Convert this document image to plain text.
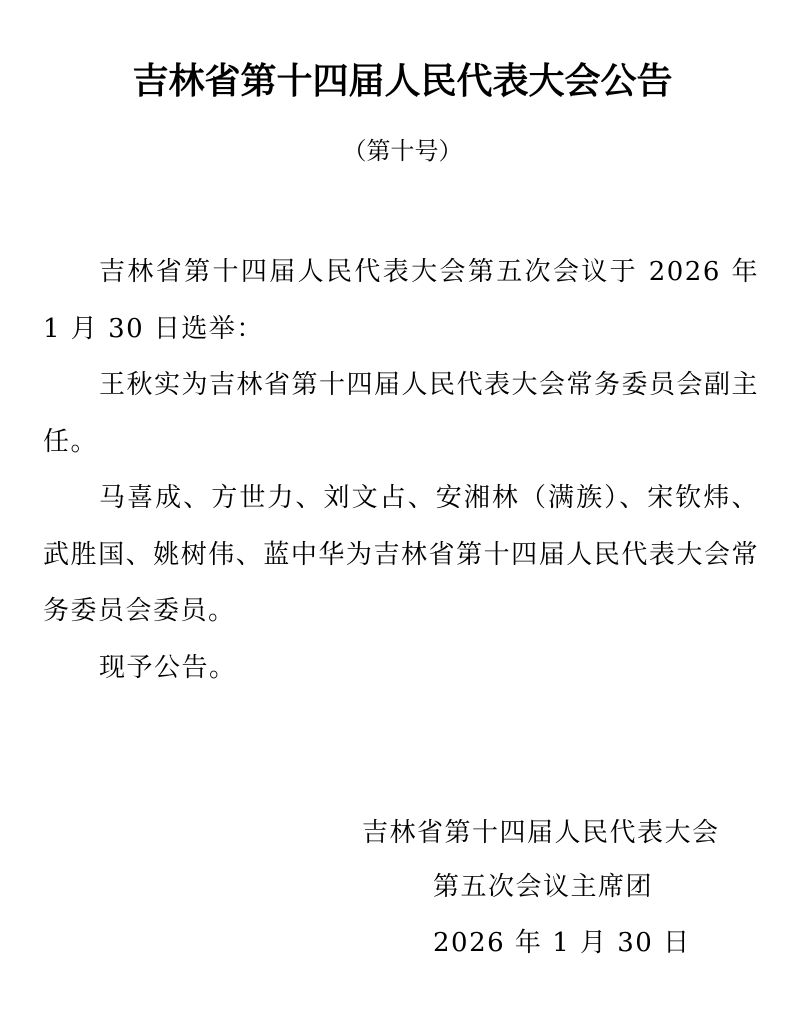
吉林省第十四届人民代表大会公告
（第十号）

吉林省第十四届人民代表大会第五次会议于 2026 年 1 月 30 日选举：

王秋实为吉林省第十四届人民代表大会常务委员会副主任。

马喜成、方世力、刘文占、安湘林（满族）、宋钦炜、武胜国、姚树伟、蓝中华为吉林省第十四届人民代表大会常务委员会委员。

现予公告。

吉林省第十四届人民代表大会
第五次会议主席团
2026 年 1 月 30 日
